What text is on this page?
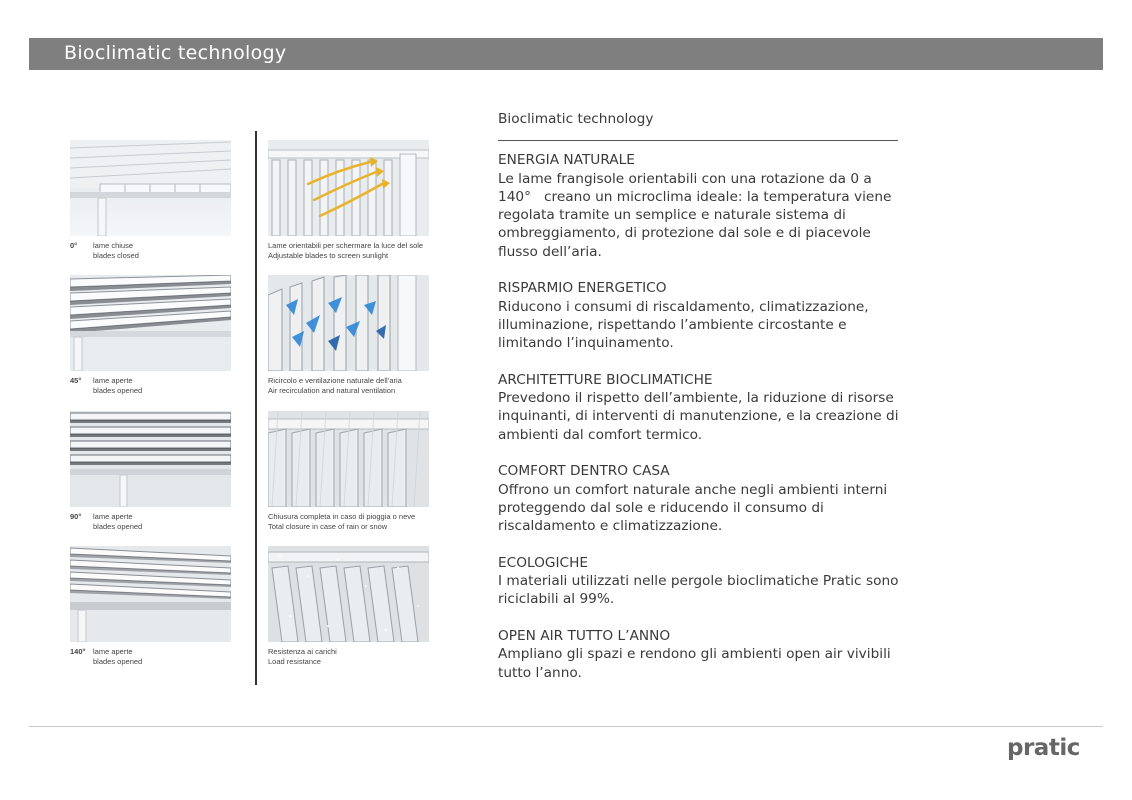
Bioclimatic technology
0° lame chiuse
blades closed
45° lame aperte
blades opened
90° lame aperte
blades opened
140° lame aperte
blades opened
Lame orientabili per schermare la luce del sole
Adjustable blades to screen sunlight
Ricircolo e ventilazione naturale dell’aria
Air recirculation and natural ventilation
Chiusura completa in caso di pioggia o neve
Total closure in case of rain or snow
Resistenza ai carichi
Load resistance

Bioclimatic technology

ENERGIA NATURALE

Le lame frangisole orientabili con una rotazione da 0 a

140°   creano un microclima ideale: la temperatura viene

regolata tramite un semplice e naturale sistema di

ombreggiamento, di protezione dal sole e di piacevole

flusso dell’aria.

RISPARMIO ENERGETICO

Riducono i consumi di riscaldamento, climatizzazione,

illuminazione, rispettando l’ambiente circostante e

limitando l’inquinamento.

ARCHITETTURE BIOCLIMATICHE

Prevedono il rispetto dell’ambiente, la riduzione di risorse

inquinanti, di interventi di manutenzione, e la creazione di

ambienti dal comfort termico.

COMFORT DENTRO CASA

Offrono un comfort naturale anche negli ambienti interni

proteggendo dal sole e riducendo il consumo di

riscaldamento e climatizzazione.

ECOLOGICHE

I materiali utilizzati nelle pergole bioclimatiche Pratic sono

riciclabili al 99%.

OPEN AIR TUTTO L’ANNO

Ampliano gli spazi e rendono gli ambienti open air vivibili

tutto l’anno.

pratic
